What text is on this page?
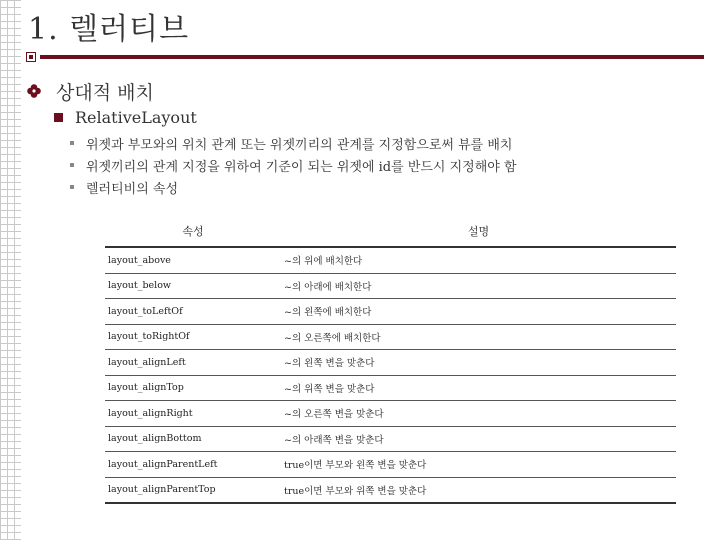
1. 렐러티브
상대적 배치
RelativeLayout
위젯과 부모와의 위치 관계 또는 위젯끼리의 관계를 지정함으로써 뷰를 배치
위젯끼리의 관계 지정을 위하여 기준이 되는 위젯에 id를 반드시 지정해야 함
렐러티비의 속성
속성	설명
layout_above	~의 위에 배치한다
layout_below	~의 아래에 배치한다
layout_toLeftOf	~의 왼쪽에 배치한다
layout_toRightOf	~의 오른쪽에 배치한다
layout_alignLeft	~의 왼쪽 변을 맞춘다
layout_alignTop	~의 위쪽 변을 맞춘다
layout_alignRight	~의 오른쪽 변을 맞춘다
layout_alignBottom	~의 아래쪽 변을 맞춘다
layout_alignParentLeft	true이면 부모와 왼쪽 변을 맞춘다
layout_alignParentTop	true이면 부모와 위쪽 변을 맞춘다
